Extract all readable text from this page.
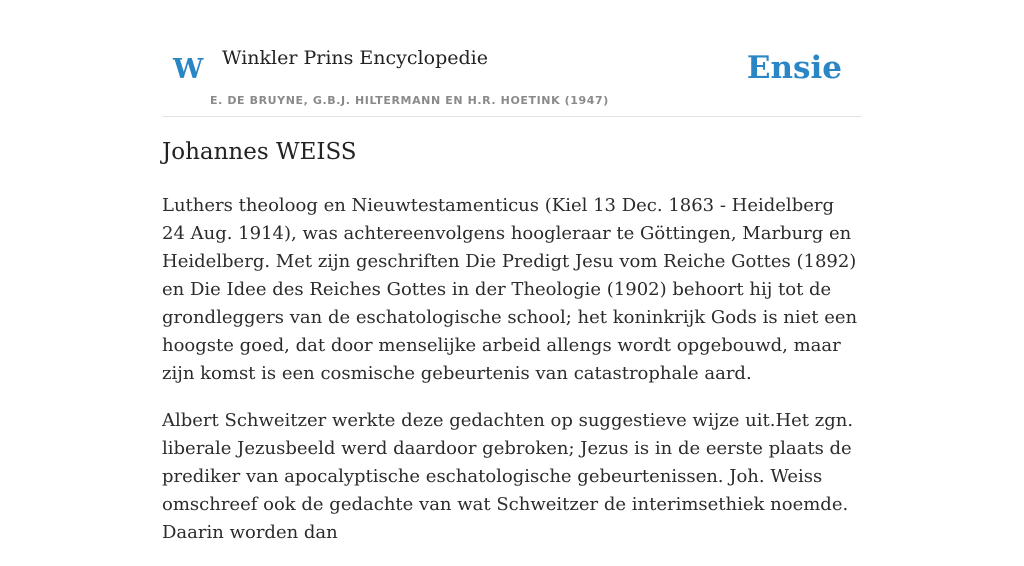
W Winkler Prins Encyclopedie
E. DE BRUYNE, G.B.J. HILTERMANN EN H.R. HOETINK (1947)
Ensie
Johannes WEISS

Luthers theoloog en Nieuwtestamenticus (Kiel 13 Dec. 1863 - Heidelberg 24 Aug. 1914), was achtereenvolgens hoogleraar te Göttingen, Marburg en Heidelberg. Met zijn geschriften Die Predigt Jesu vom Reiche Gottes (1892) en Die Idee des Reiches Gottes in der Theologie (1902) behoort hij tot de grondleggers van de eschatologische school; het koninkrijk Gods is niet een hoogste goed, dat door menselijke arbeid allengs wordt opgebouwd, maar zijn komst is een cosmische gebeurtenis van catastrophale aard.

Albert Schweitzer werkte deze gedachten op suggestieve wijze uit.Het zgn. liberale Jezusbeeld werd daardoor gebroken; Jezus is in de eerste plaats de prediker van apocalyptische eschatologische gebeurtenissen. Joh. Weiss omschreef ook de gedachte van wat Schweitzer de interimsethiek noemde. Daarin worden dan
